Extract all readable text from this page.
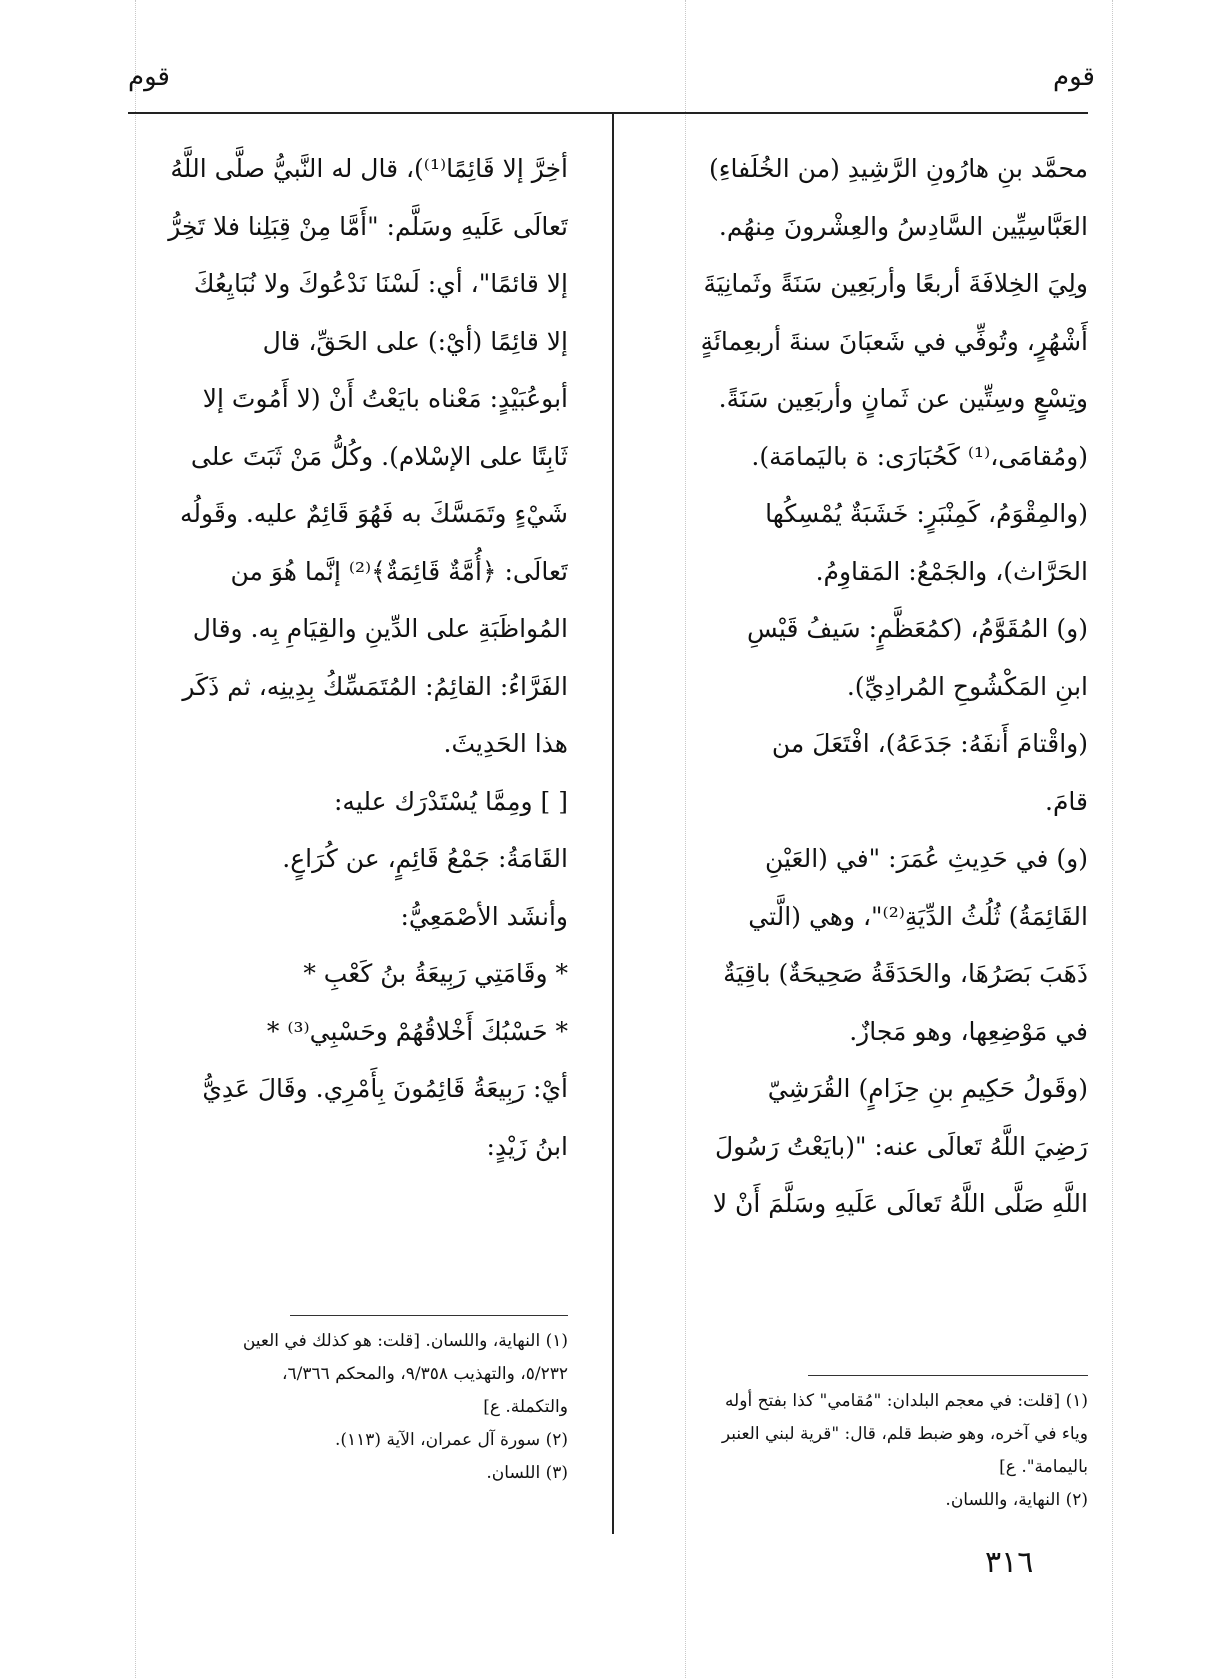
قوم
قوم
محمَّد بنِ هارُونِ الرَّشِيدِ (من الخُلَفاءِ)
العَبَّاسِيِّين السَّادِسُ والعِشْرونَ مِنهُم.
ولِيَ الخِلافَةَ أربعًا وأربَعِين سَنَةً وثَمانِيَةَ
أَشْهُرٍ، وتُوفِّي في شَعبَانَ سنةَ أربعِمائَةٍ
وتِسْعٍ وسِتِّين عن ثَمانٍ وأربَعِين سَنَةً.
(ومُقامَى،⁽¹⁾ كَحُبَارَى: ة باليَمامَة).
(والمِقْوَمُ، كَمِنْبَرٍ: خَشَبَةٌ يُمْسِكُها
الحَرَّاث)، والجَمْعُ: المَقاوِمُ.
(و) المُقَوَّمُ، (كمُعَظَّمٍ: سَيفُ قَيْسِ
ابنِ المَكْشُوحِ المُرادِيِّ).
(واقْتامَ أَنفَهُ: جَدَعَهُ)، افْتَعَلَ من
قامَ.
(و) في حَدِيثِ عُمَرَ: "في (العَيْنِ
القَائِمَةُ) ثُلُثُ الدِّيَةِ⁽²⁾"، وهي (الَّتي
ذَهَبَ بَصَرُهَا، والحَدَقَةُ صَحِيحَةٌ) باقِيَةٌ
في مَوْضِعِها، وهو مَجازٌ.
(وقَولُ حَكِيمِ بنِ حِزَامٍ) القُرَشِيّ
رَضِيَ اللَّهُ تَعالَى عنه: "(بايَعْتُ رَسُولَ
اللَّهِ صَلَّى اللَّهُ تَعالَى عَلَيهِ وسَلَّمَ أَنْ لا
أخِرَّ إلا قَائِمًا⁽¹⁾)، قال له النَّبيُّ صلَّى اللَّهُ
تَعالَى عَلَيهِ وسَلَّم: "أَمَّا مِنْ قِبَلِنا فلا تَخِرُّ
إلا قائمًا"، أي: لَسْنَا نَدْعُوكَ ولا نُبَايِعُكَ
إلا قائِمًا (أيْ:) على الحَقِّ، قال
أبوعُبَيْدٍ: مَعْناه بايَعْتُ أَنْ (لا أَمُوتَ إلا
ثَابِتًا على الإسْلام). وكُلُّ مَنْ ثَبَتَ على
شَيْءٍ وتَمَسَّكَ به فَهُوَ قَائِمٌ عليه. وقَولُه
تَعالَى: ﴿أُمَّةٌ قَائِمَةٌ﴾⁽²⁾ إنَّما هُوَ من
المُواظَبَةِ على الدِّينِ والقِيَامِ بِه. وقال
الفَرَّاءُ: القائِمُ: المُتَمَسِّكُ بِدِينِه، ثم ذَكَر
هذا الحَدِيثَ.
[ ] ومِمَّا يُسْتَدْرَك عليه:
القَامَةُ: جَمْعُ قَائِمٍ، عن كُرَاعٍ.
وأنشَد الأصْمَعِيُّ:
* وقَامَتِي رَبِيعَةُ بنُ كَعْبِ *
* حَسْبُكَ أَخْلاقُهُمْ وحَسْبِي⁽³⁾ *
أيْ: رَبِيعَةُ قَائِمُونَ بِأَمْرِي. وقَالَ عَدِيُّ
ابنُ زَيْدٍ:
(١) النهاية، واللسان. [قلت: هو كذلك في العين
٥/٢٣٢، والتهذيب ٩/٣٥٨، والمحكم ٦/٣٦٦،
والتكملة. ع]
(٢) سورة آل عمران، الآية (١١٣).
(٣) اللسان.
(١) [قلت: في معجم البلدان: "مُقامي" كذا بفتح أوله
وياء في آخره، وهو ضبط قلم، قال: "قرية لبني العنبر
باليمامة". ع]
(٢) النهاية، واللسان.
٣١٦
